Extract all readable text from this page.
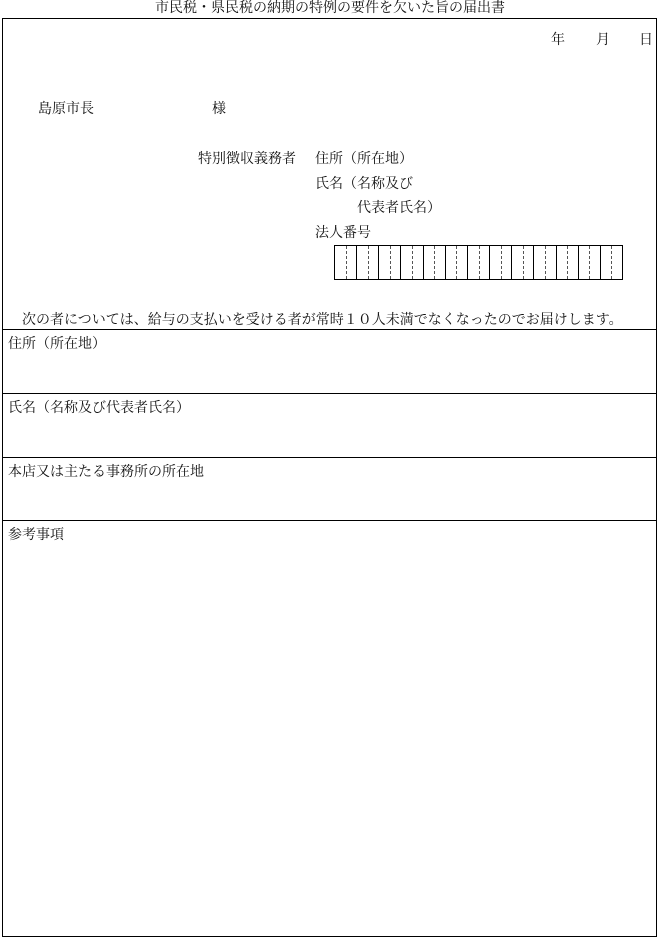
市民税・県民税の納期の特例の要件を欠いた旨の届出書
年 月 日
島原市長	様
特別徴収義務者 住所（所在地）
氏名（名称及び
代表者氏名）
法人番号
次の者については、給与の支払いを受ける者が常時１０人未満でなくなったのでお届けします。
住所（所在地）
氏名（名称及び代表者氏名）
本店又は主たる事務所の所在地
参考事項
